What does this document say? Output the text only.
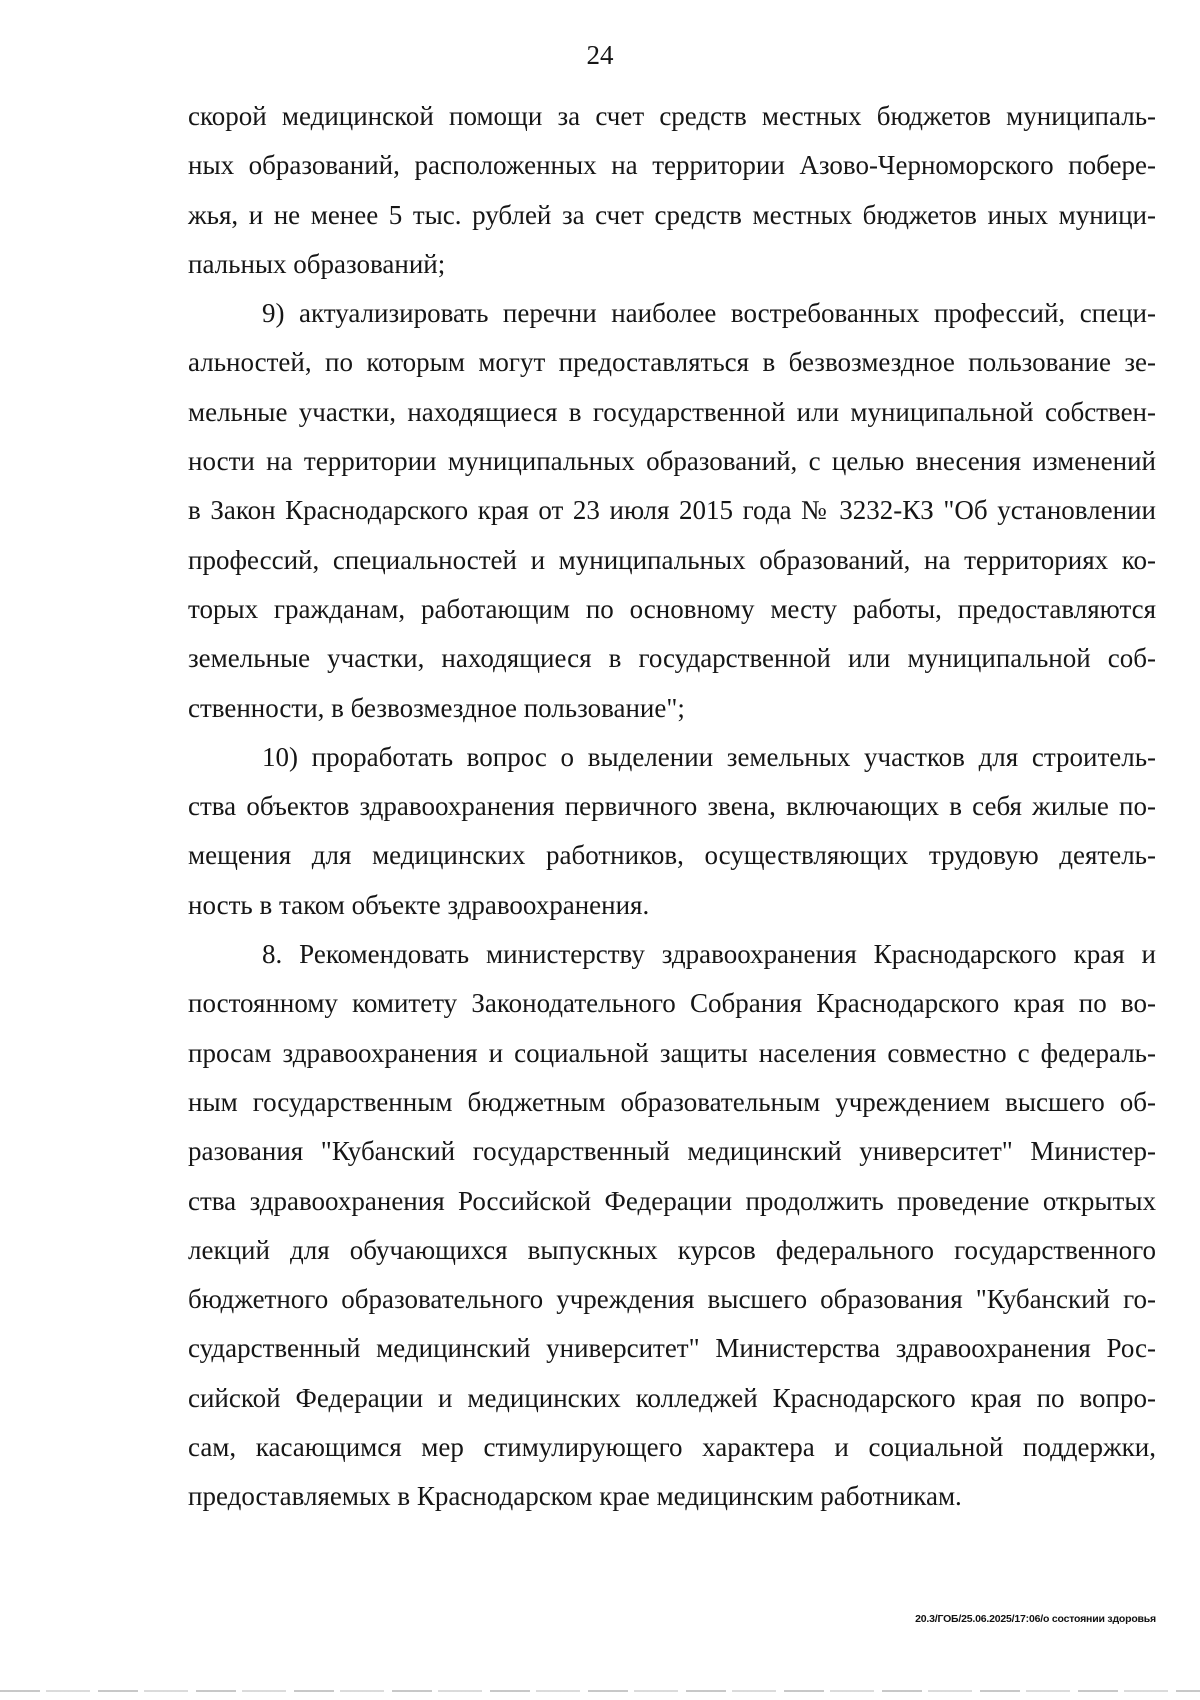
24
скорой медицинской помощи за счет средств местных бюджетов муниципаль-
ных образований, расположенных на территории Азово-Черноморского побере-
жья, и не менее 5 тыс. рублей за счет средств местных бюджетов иных муници-
пальных образований;
9) актуализировать перечни наиболее востребованных профессий, специ-
альностей, по которым могут предоставляться в безвозмездное пользование зе-
мельные участки, находящиеся в государственной или муниципальной собствен-
ности на территории муниципальных образований, с целью внесения изменений
в Закон Краснодарского края от 23 июля 2015 года № 3232-КЗ "Об установлении
профессий, специальностей и муниципальных образований, на территориях ко-
торых гражданам, работающим по основному месту работы, предоставляются
земельные участки, находящиеся в государственной или муниципальной соб-
ственности, в безвозмездное пользование";
10) проработать вопрос о выделении земельных участков для строитель-
ства объектов здравоохранения первичного звена, включающих в себя жилые по-
мещения для медицинских работников, осуществляющих трудовую деятель-
ность в таком объекте здравоохранения.
8. Рекомендовать министерству здравоохранения Краснодарского края и
постоянному комитету Законодательного Собрания Краснодарского края по во-
просам здравоохранения и социальной защиты населения совместно с федераль-
ным государственным бюджетным образовательным учреждением высшего об-
разования "Кубанский государственный медицинский университет" Министер-
ства здравоохранения Российской Федерации продолжить проведение открытых
лекций для обучающихся выпускных курсов федерального государственного
бюджетного образовательного учреждения высшего образования "Кубанский го-
сударственный медицинский университет" Министерства здравоохранения Рос-
сийской Федерации и медицинских колледжей Краснодарского края по вопро-
сам, касающимся мер стимулирующего характера и социальной поддержки,
предоставляемых в Краснодарском крае медицинским работникам.
20.3/ГОБ/25.06.2025/17:06/о состоянии здоровья
